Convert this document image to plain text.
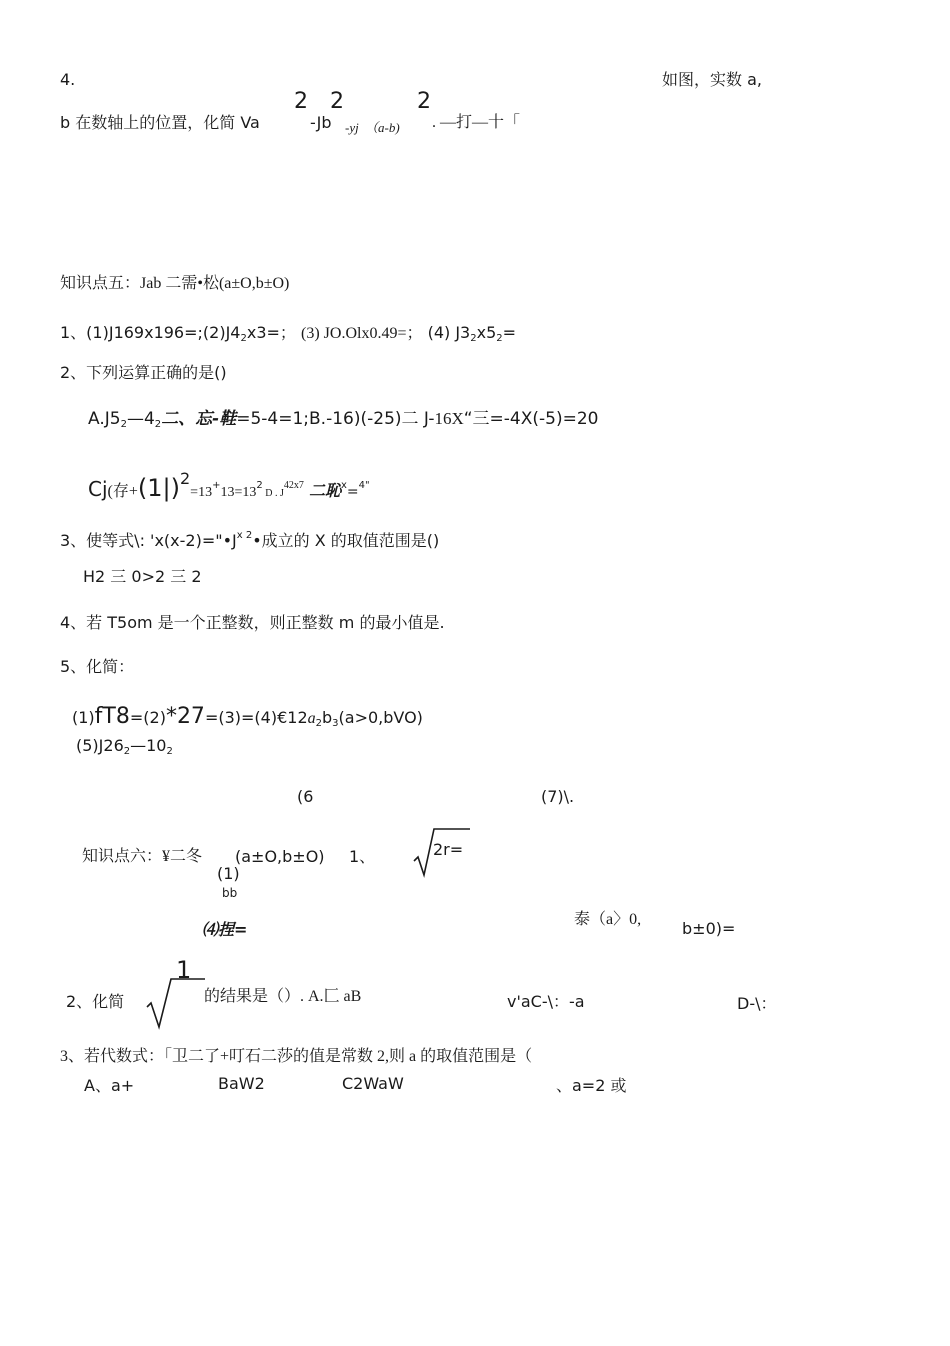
4.	如图，实数 a,
b 在数轴上的位置，化简 Va
2
-Jb
2
-yj （a-b)
2
. —打—十「
知识点五：Jab 二需•松(a±O,b±O)
1、$(1)J169x196=;(2)J4_2x3=$； (3) JO.Olx0.49=； (4) $J3_2x5_2=$
2、下列运算正确的是()
$A.J5_2—4_2$二、忘-鞋=5-4=1;B.-16)(-25)二 J-16X“三=-4X(-5)=20
Cj(存$+(1|)2=13^+13=13^2$ D . $J^{42x7}$ 二恥$^x$=$^{4"}$
3、使等式\: '$x(x-2)="•J^{x 2}•$成立的 X 的取值范围是()
H2 三 0>2 三 2
4、若 T5om 是一个正整数，则正整数 m 的最小值是.
5、化简：
$(1)fT8=(2)*27=(3)=(4)€12a_2b_3(a>0,bVO)$
$(5)J26_2—10_2$
(6	(7)\.
知识点六：¥二冬 (a±O,b±O) 1、	2r=
(1)
bb
⑷捏=
泰（a〉0,	b±0)=
1
2、化简	的结果是（）. A.匚 aB	v'aC-\：-a	D-\：
3、若代数式：「卫二了+叮石二莎的值是常数 2,则 a 的取值范围是（
A、a+	BaW2	C2WaW	、a=2 或
